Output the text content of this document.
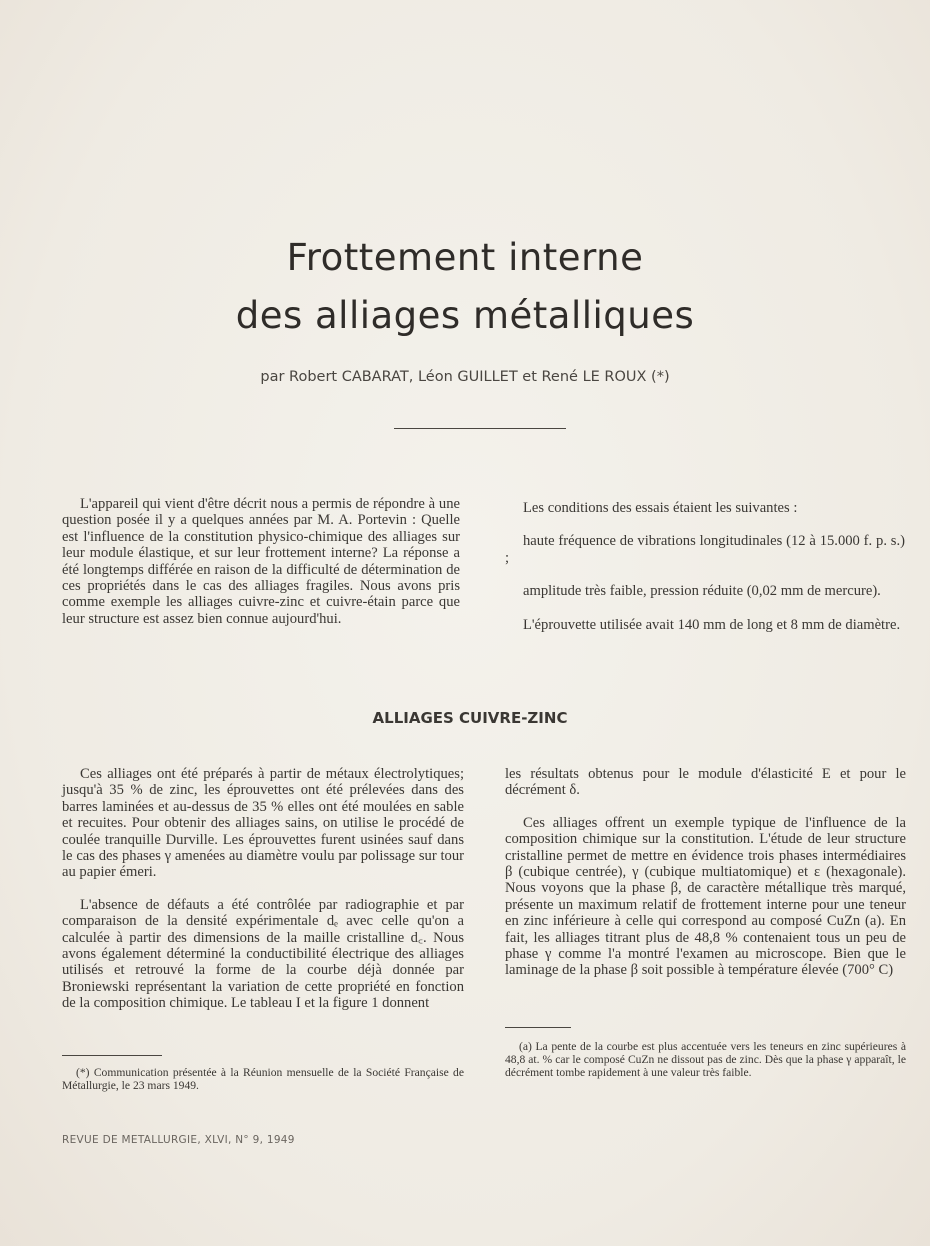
Frottement interne
des alliages métalliques
par Robert CABARAT, Léon GUILLET et René LE ROUX (*)

L'appareil qui vient d'être décrit nous a permis de répondre à une question posée il y a quelques années par M. A. Portevin : Quelle est l'influence de la constitution physico-chimique des alliages sur leur module élastique, et sur leur frottement interne? La réponse a été longtemps différée en raison de la difficulté de détermination de ces propriétés dans le cas des alliages fragiles. Nous avons pris comme exemple les alliages cuivre-zinc et cuivre-étain parce que leur structure est assez bien connue aujourd'hui.

Les conditions des essais étaient les suivantes :

haute fréquence de vibrations longitudinales (12 à 15.000 f. p. s.) ;

amplitude très faible, pression réduite (0,02 mm de mercure).

L'éprouvette utilisée avait 140 mm de long et 8 mm de diamètre.

ALLIAGES CUIVRE-ZINC

Ces alliages ont été préparés à partir de métaux électrolytiques; jusqu'à 35 % de zinc, les éprouvettes ont été prélevées dans des barres laminées et au-dessus de 35 % elles ont été moulées en sable et recuites. Pour obtenir des alliages sains, on utilise le procédé de coulée tranquille Durville. Les éprouvettes furent usinées sauf dans le cas des phases γ amenées au diamètre voulu par polissage sur tour au papier émeri.

L'absence de défauts a été contrôlée par radiographie et par comparaison de la densité expérimentale dₑ avec celle qu'on a calculée à partir des dimensions de la maille cristalline d꜀. Nous avons également déterminé la conductibilité électrique des alliages utilisés et retrouvé la forme de la courbe déjà donnée par Broniewski représentant la variation de cette propriété en fonction de la composition chimique. Le tableau I et la figure 1 donnent

les résultats obtenus pour le module d'élasticité E et pour le décrément δ.

Ces alliages offrent un exemple typique de l'influence de la composition chimique sur la constitution. L'étude de leur structure cristalline permet de mettre en évidence trois phases intermédiaires β (cubique centrée), γ (cubique multiatomique) et ε (hexagonale). Nous voyons que la phase β, de caractère métallique très marqué, présente un maximum relatif de frottement interne pour une teneur en zinc inférieure à celle qui correspond au composé CuZn (a). En fait, les alliages titrant plus de 48,8 % contenaient tous un peu de phase γ comme l'a montré l'examen au microscope. Bien que le laminage de la phase β soit possible à température élevée (700° C)

(*) Communication présentée à la Réunion mensuelle de la Société Française de Métallurgie, le 23 mars 1949.

(a) La pente de la courbe est plus accentuée vers les teneurs en zinc supérieures à 48,8 at. % car le composé CuZn ne dissout pas de zinc. Dès que la phase γ apparaît, le décrément tombe rapidement à une valeur très faible.

REVUE DE METALLURGIE, XLVI, N° 9, 1949
